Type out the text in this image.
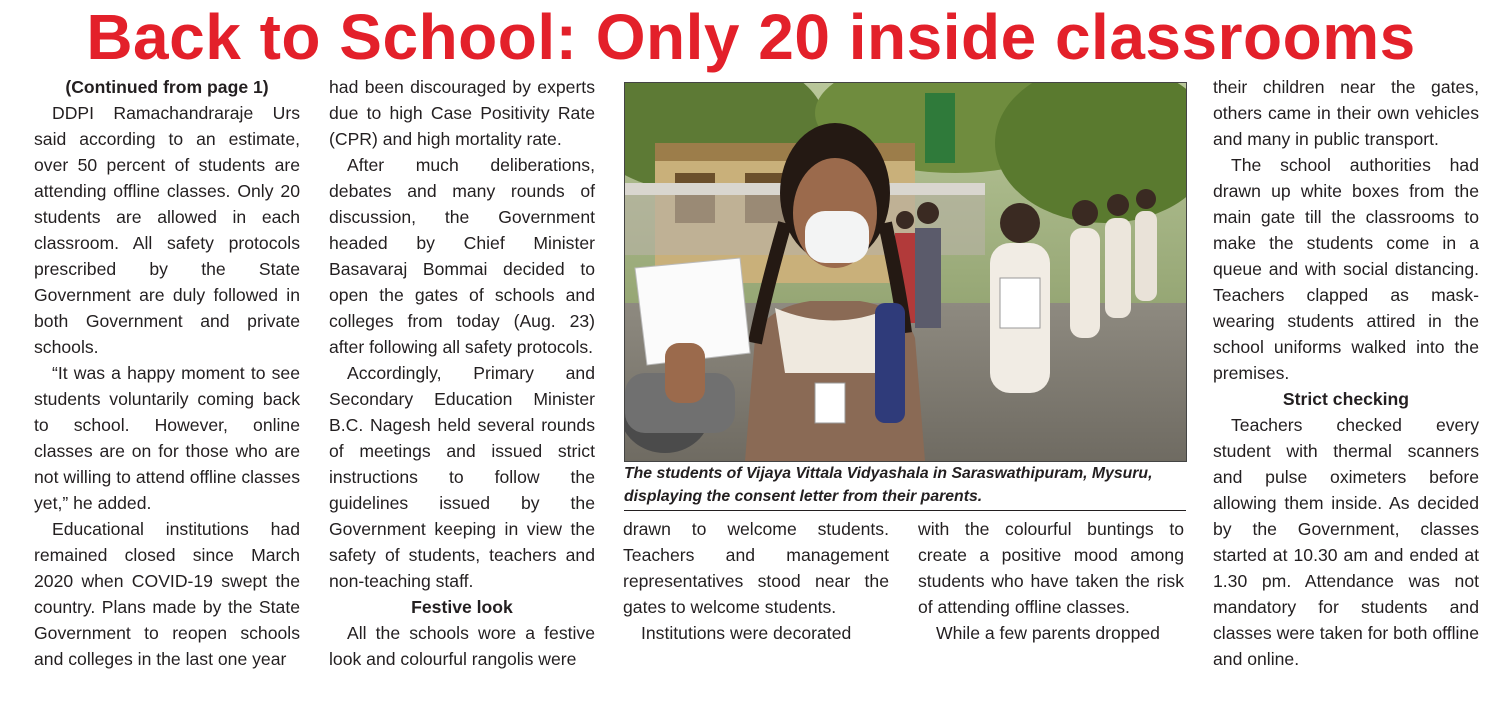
Back to School: Only 20 inside classrooms

(Continued from page 1)

DDPI Ramachandraraje Urs said according to an estimate, over 50 percent of students are attending offline classes. Only 20 students are allowed in each classroom. All safety protocols prescribed by the State Government are duly followed in both Government and private schools.

“It was a happy moment to see students voluntarily coming back to school. However, online classes are on for those who are not willing to attend offline classes yet,” he added.

Educational institutions had remained closed since March 2020 when COVID-19 swept the country. Plans made by the State Government to reopen schools and colleges in the last one year

had been discouraged by experts due to high Case Positivity Rate (CPR) and high mortality rate.

After much deliberations, debates and many rounds of discussion, the Government headed by Chief Minister Basavaraj Bommai decided to open the gates of schools and colleges from today (Aug. 23) after following all safety protocols.

Accordingly, Primary and Secondary Education Minister B.C. Nagesh held several rounds of meetings and issued strict instructions to follow the guidelines issued by the Government keeping in view the safety of students, teachers and non-teaching staff.

Festive look

All the schools wore a festive look and colourful rangolis were

The students of Vijaya Vittala Vidyashala in Saraswathipuram, Mysuru, displaying the consent letter from their parents.

drawn to welcome students. Teachers and management representatives stood near the gates to welcome students.

Institutions were decorated

with the colourful buntings to create a positive mood among students who have taken the risk of attending offline classes.

While a few parents dropped

their children near the gates, others came in their own vehicles and many in public transport.

The school authorities had drawn up white boxes from the main gate till the classrooms to make the students come in a queue and with social distancing. Teachers clapped as mask-wearing students attired in the school uniforms walked into the premises.

Strict checking

Teachers checked every student with thermal scanners and pulse oximeters before allowing them inside. As decided by the Government, classes started at 10.30 am and ended at 1.30 pm. Attendance was not mandatory for students and classes were taken for both offline and online.
